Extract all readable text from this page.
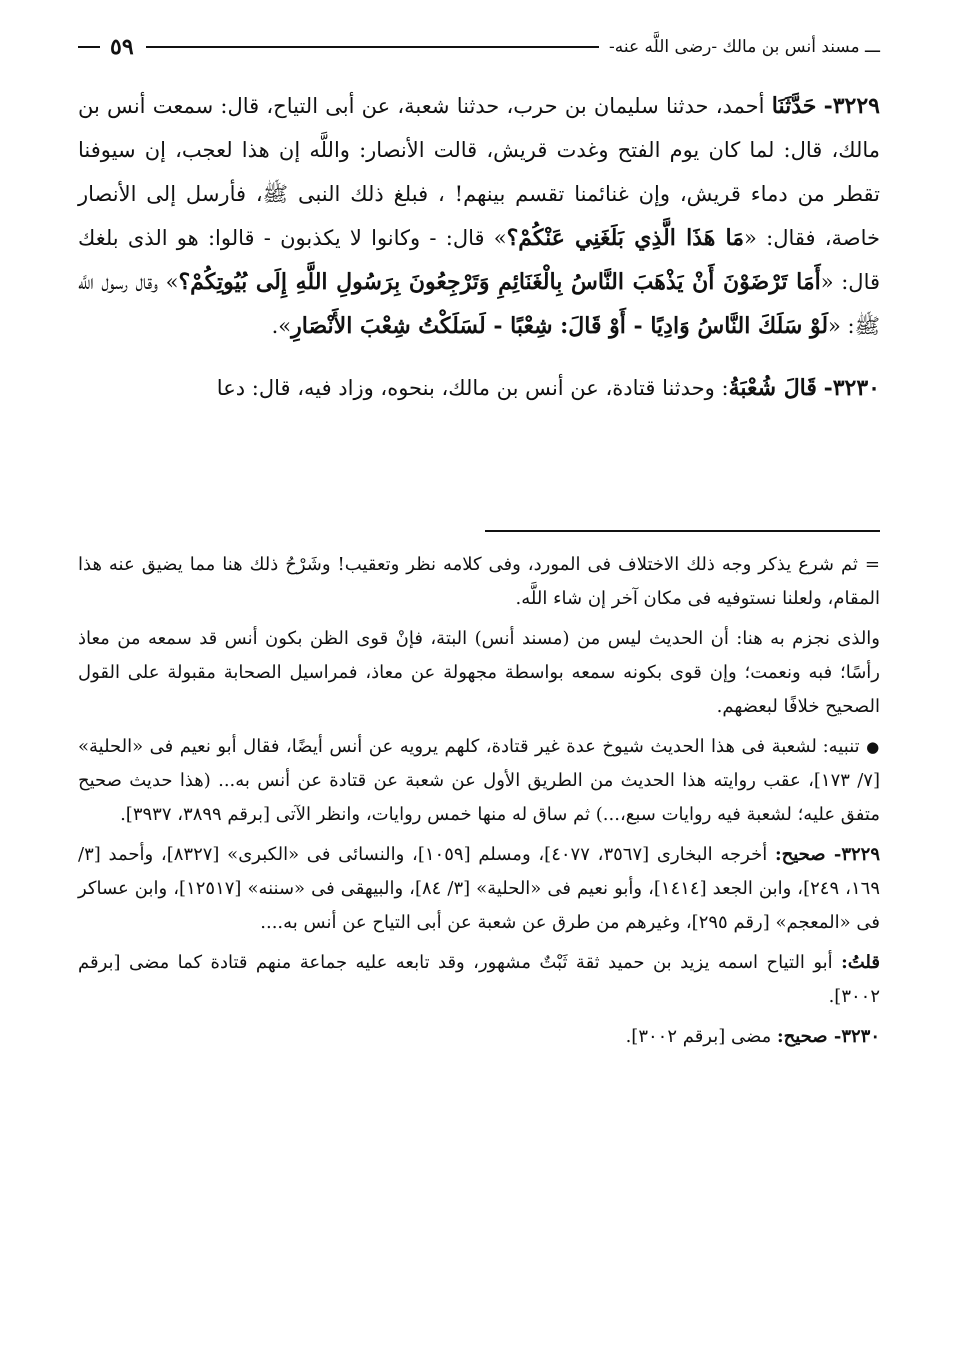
ـــ مسند أنس بن مالك -رضى اللَّه عنه-
٥٩

٣٢٢٩- حَدَّثَنَا أحمد، حدثنا سليمان بن حرب، حدثنا شعبة، عن أبى التياح، قال: سمعت أنس بن مالك، قال: لما كان يوم الفتح وغدت قريش، قالت الأنصار: واللَّه إن هذا لعجب، إن سيوفنا تقطر من دماء قريش، وإن غنائمنا تقسم بينهم! ، فبلغ ذلك النبى ﷺ، فأرسل إلى الأنصار خاصة، فقال: «مَا هَذَا الَّذِي بَلَغَنِي عَنْكُمْ؟» قال: - وكانوا لا يكذبون - قالوا: هو الذى بلغك قال: «أَمَا تَرْضَوْنَ أَنْ يَذْهَبَ النَّاسُ بِالْغَنَائِمِ وَتَرْجِعُونَ بِرَسُولِ اللَّهِ إِلَى بُيُوتِكُمْ؟» وقال رسول اللَّه ﷺ: «لَوْ سَلَكَ النَّاسُ وَادِيًا - أَوْ قَالَ: شِعْبًا - لَسَلَكْتُ شِعْبَ الأَنْصَارِ».

٣٢٣٠- قَالَ شُعْبَةُ: وحدثنا قتادة، عن أنس بن مالك، بنحوه، وزاد فيه، قال: دعا

= ثم شرع يذكر وجه ذلك الاختلاف فى المورد، وفى كلامه نظر وتعقيب! وشَرْحُ ذلك هنا مما يضيق عنه هذا المقام، ولعلنا نستوفيه فى مكان آخر إن شاء اللَّه.

والذى نجزم به هنا: أن الحديث ليس من (مسند أنس) البتة، فإنْ قوى الظن بكون أنس قد سمعه من معاذ رأسًا؛ فبه ونعمت؛ وإن قوى بكونه سمعه بواسطة مجهولة عن معاذ، فمراسيل الصحابة مقبولة على القول الصحيح خلافًا لبعضهم.

● تنبيه: لشعبة فى هذا الحديث شيوخ عدة غير قتادة، كلهم يرويه عن أنس أيضًا، فقال أبو نعيم فى «الحلية» [٧/ ١٧٣]، عقب روايته هذا الحديث من الطريق الأول عن شعبة عن قتادة عن أنس به... (هذا حديث صحيح متفق عليه؛ لشعبة فيه روايات سبع،...) ثم ساق له منها خمس روايات، وانظر الآتى [برقم ٣٨٩٩، ٣٩٣٧].

٣٢٢٩- صحيح: أخرجه البخارى [٣٥٦٧، ٤٠٧٧]، ومسلم [١٠٥٩]، والنسائى فى «الكبرى» [٨٣٢٧]، وأحمد [٣/ ١٦٩، ٢٤٩]، وابن الجعد [١٤١٤]، وأبو نعيم فى «الحلية» [٣/ ٨٤]، والبيهقى فى «سننه» [١٢٥١٧]، وابن عساكر فى «المعجم» [رقم ٢٩٥]، وغيرهم من طرق عن شعبة عن أبى التياح عن أنس به....

قلتُ: أبو التياح اسمه يزيد بن حميد ثقة ثَبْتٌ مشهور، وقد تابعه عليه جماعة منهم قتادة كما مضى [برقم ٣٠٠٢].

٣٢٣٠- صحيح: مضى [برقم ٣٠٠٢].
